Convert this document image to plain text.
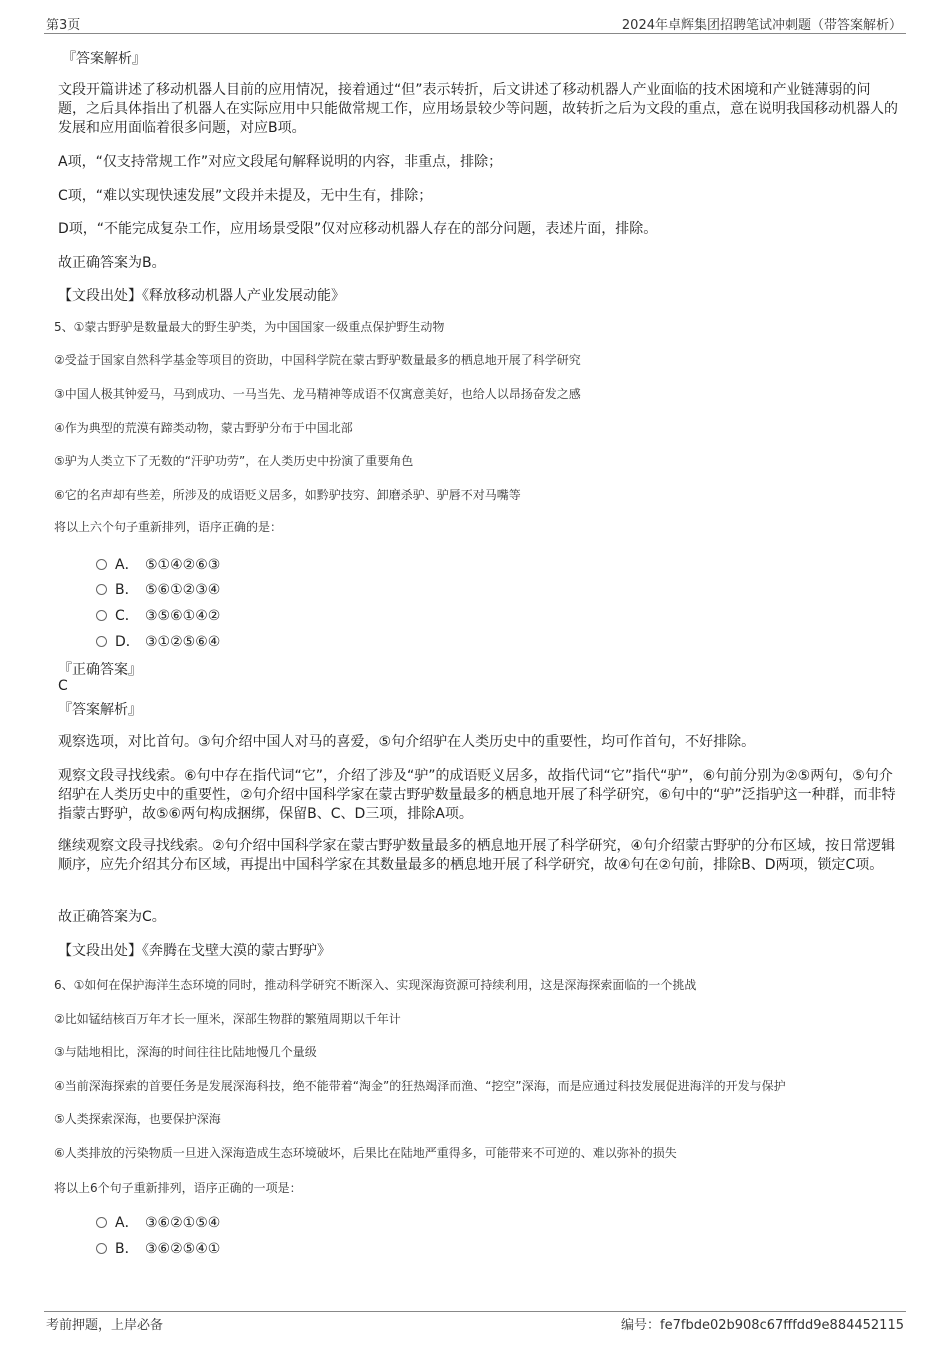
第3页	2024年卓辉集团招聘笔试冲刺题（带答案解析）
『答案解析』
文段开篇讲述了移动机器人目前的应用情况，接着通过“但”表示转折，后文讲述了移动机器人产业面临的技术困境和产业链薄弱的问题，之后具体指出了机器人在实际应用中只能做常规工作，应用场景较少等问题，故转折之后为文段的重点，意在说明我国移动机器人的发展和应用面临着很多问题，对应B项。
A项，“仅支持常规工作”对应文段尾句解释说明的内容，非重点，排除；
C项，“难以实现快速发展”文段并未提及，无中生有，排除；
D项，“不能完成复杂工作，应用场景受限”仅对应移动机器人存在的部分问题，表述片面，排除。
故正确答案为B。
【文段出处】《释放移动机器人产业发展动能》
5、①蒙古野驴是数量最大的野生驴类，为中国国家一级重点保护野生动物
②受益于国家自然科学基金等项目的资助，中国科学院在蒙古野驴数量最多的栖息地开展了科学研究
③中国人极其钟爱马，马到成功、一马当先、龙马精神等成语不仅寓意美好，也给人以昂扬奋发之感
④作为典型的荒漠有蹄类动物，蒙古野驴分布于中国北部
⑤驴为人类立下了无数的“汗驴功劳”，在人类历史中扮演了重要角色
⑥它的名声却有些差，所涉及的成语贬义居多，如黔驴技穷、卸磨杀驴、驴唇不对马嘴等
将以上六个句子重新排列，语序正确的是：
A． ⑤①④②⑥③
B． ⑤⑥①②③④
C． ③⑤⑥①④②
D． ③①②⑤⑥④
『正确答案』
C
『答案解析』
观察选项，对比首句。③句介绍中国人对马的喜爱，⑤句介绍驴在人类历史中的重要性，均可作首句，不好排除。
观察文段寻找线索。⑥句中存在指代词“它”，介绍了涉及“驴”的成语贬义居多，故指代词“它”指代“驴”，⑥句前分别为②⑤两句，⑤句介绍驴在人类历史中的重要性，②句介绍中国科学家在蒙古野驴数量最多的栖息地开展了科学研究，⑥句中的“驴”泛指驴这一种群，而非特指蒙古野驴，故⑤⑥两句构成捆绑，保留B、C、D三项，排除A项。
继续观察文段寻找线索。②句介绍中国科学家在蒙古野驴数量最多的栖息地开展了科学研究，④句介绍蒙古野驴的分布区域，按日常逻辑顺序，应先介绍其分布区域，再提出中国科学家在其数量最多的栖息地开展了科学研究，故④句在②句前，排除B、D两项，锁定C项。
故正确答案为C。
【文段出处】《奔腾在戈壁大漠的蒙古野驴》
6、①如何在保护海洋生态环境的同时，推动科学研究不断深入、实现深海资源可持续利用，这是深海探索面临的一个挑战
②比如锰结核百万年才长一厘米，深部生物群的繁殖周期以千年计
③与陆地相比，深海的时间往往比陆地慢几个量级
④当前深海探索的首要任务是发展深海科技，绝不能带着“淘金”的狂热竭泽而渔、“挖空”深海，而是应通过科技发展促进海洋的开发与保护
⑤人类探索深海，也要保护深海
⑥人类排放的污染物质一旦进入深海造成生态环境破坏，后果比在陆地严重得多，可能带来不可逆的、难以弥补的损失
将以上6个句子重新排列，语序正确的一项是：
A． ③⑥②①⑤④
B． ③⑥②⑤④①
考前押题，上岸必备	编号：fe7fbde02b908c67fffdd9e884452115
